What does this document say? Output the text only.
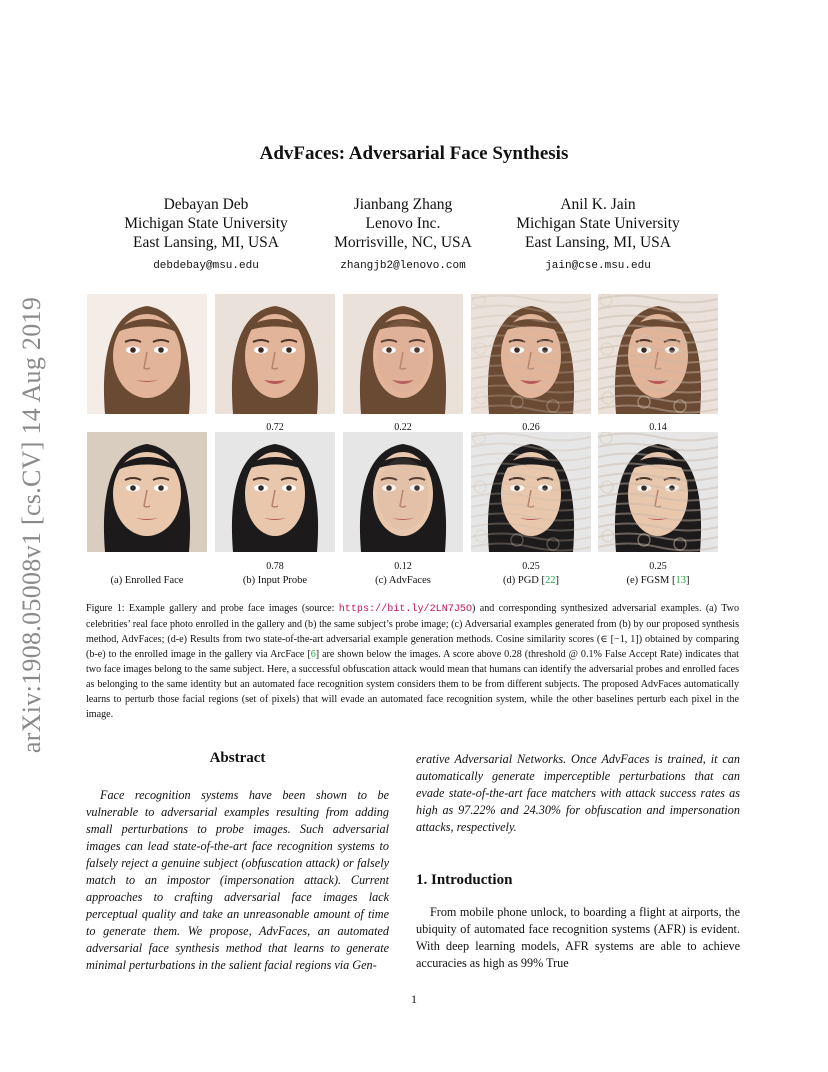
arXiv:1908.05008v1 [cs.CV] 14 Aug 2019
AdvFaces: Adversarial Face Synthesis
Debayan Deb
Michigan State University
East Lansing, MI, USA
debdebay@msu.edu
Jianbang Zhang
Lenovo Inc.
Morrisville, NC, USA
zhangjb2@lenovo.com
Anil K. Jain
Michigan State University
East Lansing, MI, USA
jain@cse.msu.edu
0.72	0.22	0.26	0.14
0.78	0.12	0.25	0.25
(a) Enrolled Face	(b) Input Probe	(c) AdvFaces	(d) PGD [22]	(e) FGSM [13]
Figure 1: Example gallery and probe face images (source: https://bit.ly/2LN7J5O) and corresponding synthesized adversarial examples. (a) Two celebrities’ real face photo enrolled in the gallery and (b) the same subject’s probe image; (c) Adversarial examples generated from (b) by our proposed synthesis method, AdvFaces; (d-e) Results from two state-of-the-art adversarial example generation methods. Cosine similarity scores (∈ [−1, 1]) obtained by comparing (b-e) to the enrolled image in the gallery via ArcFace [6] are shown below the images. A score above 0.28 (threshold @ 0.1% False Accept Rate) indicates that two face images belong to the same subject. Here, a successful obfuscation attack would mean that humans can identify the adversarial probes and enrolled faces as belonging to the same identity but an automated face recognition system considers them to be from different subjects. The proposed AdvFaces automatically learns to perturb those facial regions (set of pixels) that will evade an automated face recognition system, while the other baselines perturb each pixel in the image.
Abstract
Face recognition systems have been shown to be vulnerable to adversarial examples resulting from adding small perturbations to probe images. Such adversarial images can lead state-of-the-art face recognition systems to falsely reject a genuine subject (obfuscation attack) or falsely match to an impostor (impersonation attack). Current approaches to crafting adversarial face images lack perceptual quality and take an unreasonable amount of time to generate them. We propose, AdvFaces, an automated adversarial face synthesis method that learns to generate minimal perturbations in the salient facial regions via Gen-
erative Adversarial Networks. Once AdvFaces is trained, it can automatically generate imperceptible perturbations that can evade state-of-the-art face matchers with attack success rates as high as 97.22% and 24.30% for obfuscation and impersonation attacks, respectively.
1. Introduction
From mobile phone unlock, to boarding a flight at airports, the ubiquity of automated face recognition systems (AFR) is evident. With deep learning models, AFR systems are able to achieve accuracies as high as 99% True
1
